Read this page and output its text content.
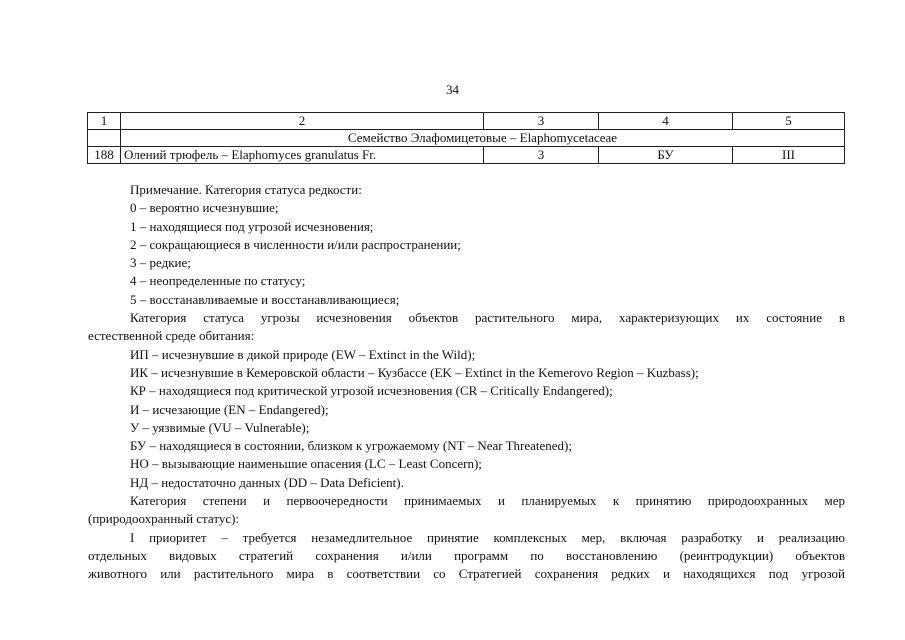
34
1	2	3	4	5
	Семейство Элафомицетовые – Elaphomycetaceae			
188	Олений трюфель – Elaphomyces granulatus Fr.	3	БУ	III

Примечание. Категория статуса редкости:

0 – вероятно исчезнувшие;

1 – находящиеся под угрозой исчезновения;

2 – сокращающиеся в численности и/или распространении;

3 – редкие;

4 – неопределенные по статусу;

5 – восстанавливаемые и восстанавливающиеся;

Категория статуса угрозы исчезновения объектов растительного мира, характеризующих их состояние в

естественной среде обитания:

ИП – исчезнувшие в дикой природе (EW – Extinct in the Wild);

ИК – исчезнувшие в Кемеровской области – Кузбассе (EK – Extinct in the Kemerovo Region – Kuzbass);

КР – находящиеся под критической угрозой исчезновения (CR – Critically Endangered);

И – исчезающие (EN – Endangered);

У – уязвимые (VU – Vulnerable);

БУ – находящиеся в состоянии, близком к угрожаемому (NT – Near Threatened);

НО – вызывающие наименьшие опасения (LC – Least Concern);

НД – недостаточно данных (DD – Data Deficient).

Категория степени и первоочередности принимаемых и планируемых к принятию природоохранных мер

(природоохранный статус):

I приоритет – требуется незамедлительное принятие комплексных мер, включая разработку и реализацию

отдельных видовых стратегий сохранения и/или программ по восстановлению (реинтродукции) объектов

животного или растительного мира в соответствии со Стратегией сохранения редких и находящихся под угрозой
